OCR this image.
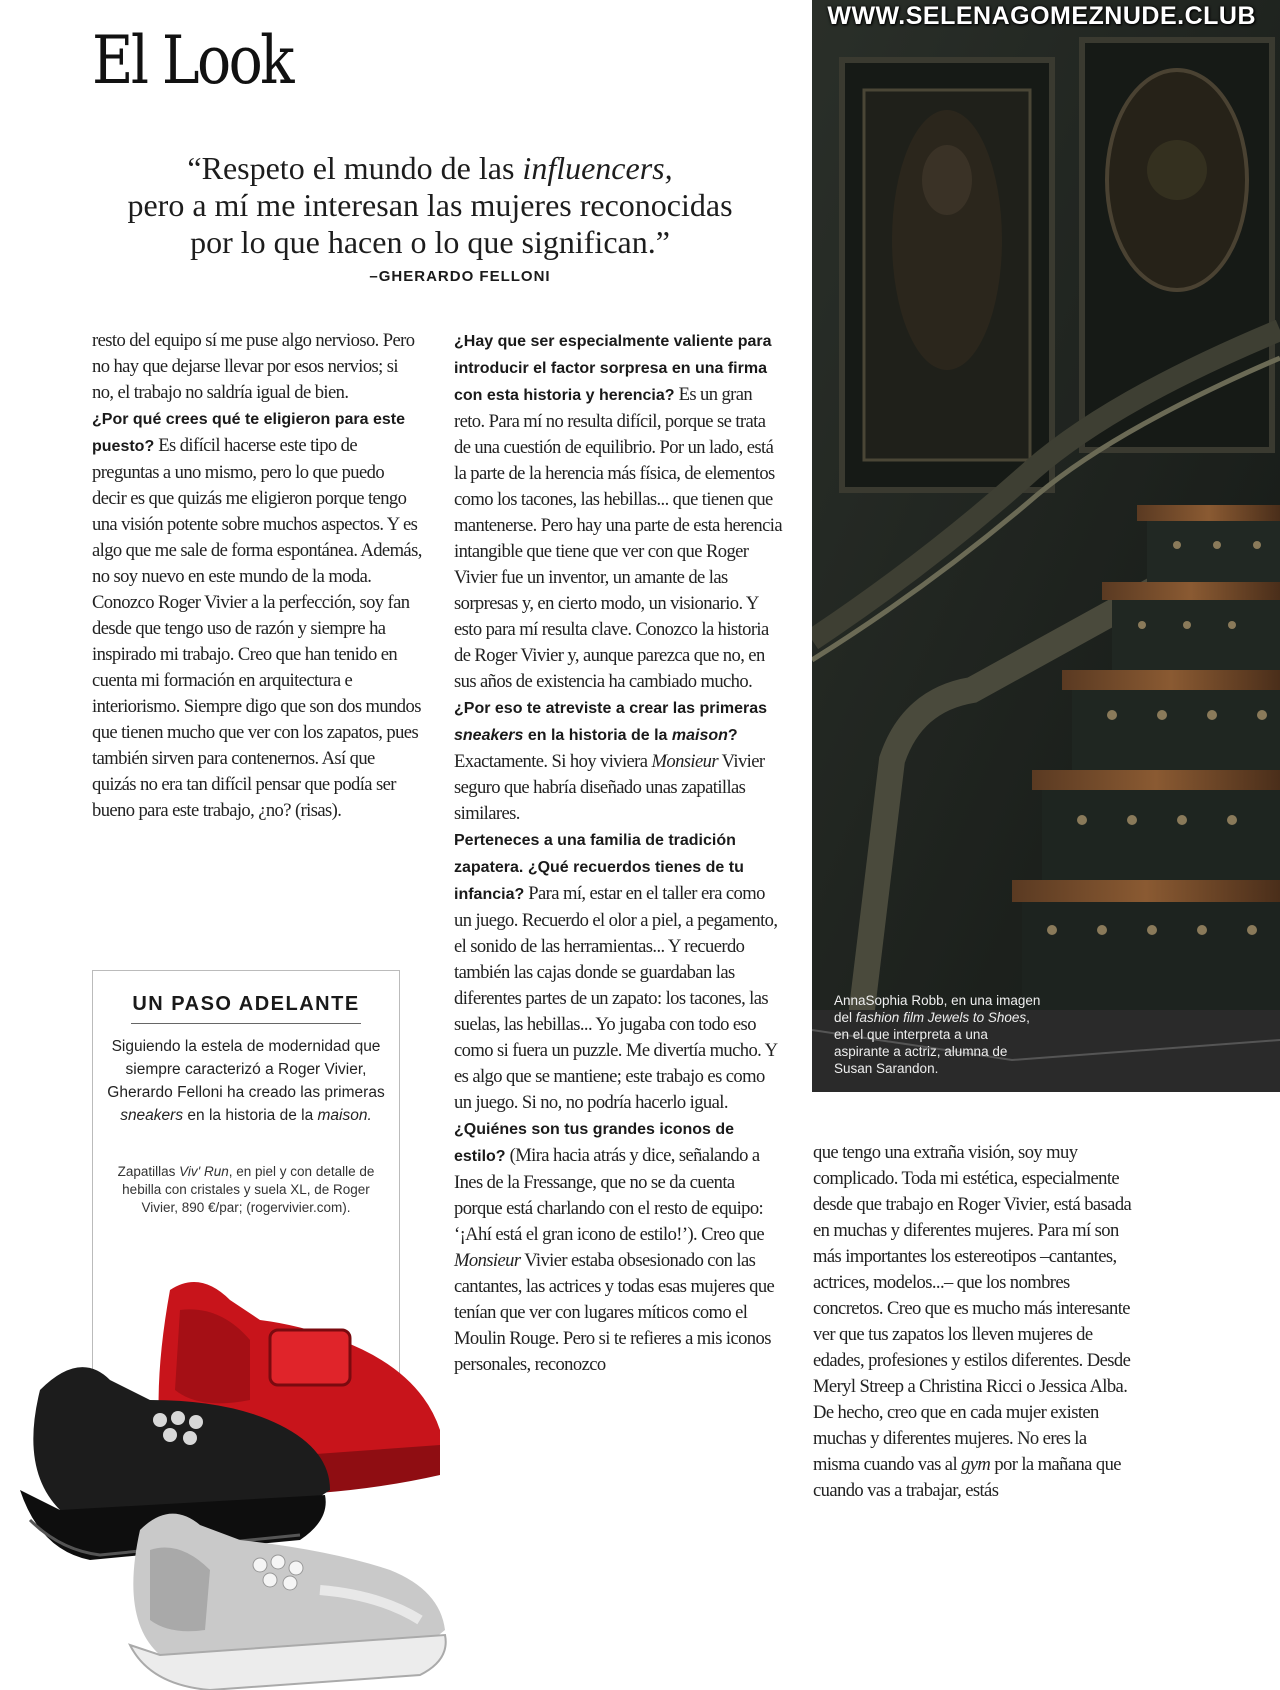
AnnaSophia Robb, en una imagen del fashion film Jewels to Shoes, en el que interpreta a una aspirante a actriz, alumna de Susan Sarandon.
WWW.SELENAGOMEZNUDE.CLUB
El Look
“Respeto el mundo de las influencers,
pero a mí me interesan las mujeres reconocidas
por lo que hacen o lo que significan.”
–GHERARDO FELLONI

resto del equipo sí me puse algo nervioso. Pero no hay que dejarse llevar por esos nervios; si no, el trabajo no saldría igual de bien.

¿Por qué crees qué te eligieron para este puesto? Es difícil hacerse este tipo de preguntas a uno mismo, pero lo que puedo decir es que quizás me eligieron porque tengo una visión potente sobre muchos aspectos. Y es algo que me sale de forma espontánea. Además, no soy nuevo en este mundo de la moda. Conozco Roger Vivier a la perfección, soy fan desde que tengo uso de razón y siempre ha inspirado mi trabajo. Creo que han tenido en cuenta mi formación en arquitectura e interiorismo. Siempre digo que son dos mundos que tienen mucho que ver con los zapatos, pues también sirven para contenernos. Así que quizás no era tan difícil pensar que podía ser bueno para este trabajo, ¿no? (risas).

¿Hay que ser especialmente valiente para introducir el factor sorpresa en una firma con esta historia y herencia? Es un gran reto. Para mí no resulta difícil, porque se trata de una cuestión de equilibrio. Por un lado, está la parte de la herencia más física, de elementos como los tacones, las hebillas... que tienen que mantenerse. Pero hay una parte de esta herencia intangible que tiene que ver con que Roger Vivier fue un inventor, un amante de las sorpresas y, en cierto modo, un visionario. Y esto para mí resulta clave. Conozco la historia de Roger Vivier y, aunque parezca que no, en sus años de existencia ha cambiado mucho.

¿Por eso te atreviste a crear las primeras sneakers en la historia de la maison? Exactamente. Si hoy viviera Monsieur Vivier seguro que habría diseñado unas zapatillas similares.

Perteneces a una familia de tradición zapatera. ¿Qué recuerdos tienes de tu infancia? Para mí, estar en el taller era como un juego. Recuerdo el olor a piel, a pegamento, el sonido de las herramientas... Y recuerdo también las cajas donde se guardaban las diferentes partes de un zapato: los tacones, las suelas, las hebillas... Yo jugaba con todo eso como si fuera un puzzle. Me divertía mucho. Y es algo que se mantiene; este trabajo es como un juego. Si no, no podría hacerlo igual.

¿Quiénes son tus grandes iconos de estilo? (Mira hacia atrás y dice, señalando a Ines de la Fressange, que no se da cuenta porque está charlando con el resto de equipo: ‘¡Ahí está el gran icono de estilo!’). Creo que Monsieur Vivier estaba obsesionado con las cantantes, las actrices y todas esas mujeres que tenían que ver con lugares míticos como el Moulin Rouge. Pero si te refieres a mis iconos personales, reconozco

que tengo una extraña visión, soy muy complicado. Toda mi estética, especialmente desde que trabajo en Roger Vivier, está basada en muchas y diferentes mujeres. Para mí son más importantes los estereotipos –cantantes, actrices, modelos...– que los nombres concretos. Creo que es mucho más interesante ver que tus zapatos los lleven mujeres de edades, profesiones y estilos diferentes. Desde Meryl Streep a Christina Ricci o Jessica Alba. De hecho, creo que en cada mujer existen muchas y diferentes mujeres. No eres la misma cuando vas al gym por la mañana que cuando vas a trabajar, estás

UN PASO ADELANTE
Siguiendo la estela de modernidad que siempre caracterizó a Roger Vivier, Gherardo Felloni ha creado las primeras sneakers en la historia de la maison.
Zapatillas Viv' Run, en piel y con detalle de hebilla con cristales y suela XL, de Roger Vivier, 890 €/par; (rogervivier.com).
